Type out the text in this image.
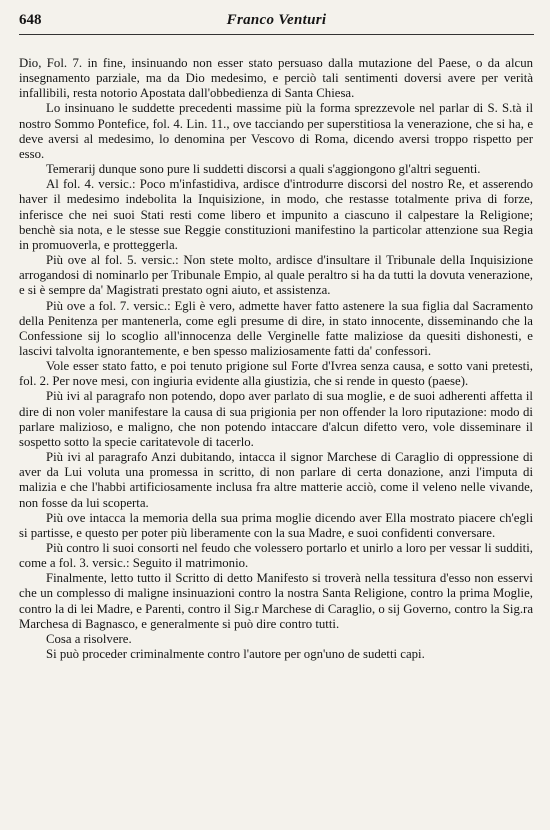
648	Franco Venturi

Dio, Fol. 7. in fine, insinuando non esser stato persuaso dalla mutazione del Paese, o da alcun insegnamento parziale, ma da Dio medesimo, e perciò tali sentimenti doversi avere per verità infallibili, resta notorio Apostata dall'obbedienza di Santa Chiesa.

Lo insinuano le suddette precedenti massime più la forma sprezzevole nel parlar di S. S.tà il nostro Sommo Pontefice, fol. 4. Lin. 11., ove tacciando per superstitiosa la venerazione, che si ha, e deve aversi al medesimo, lo denomina per Vescovo di Roma, dicendo aversi troppo rispetto per esso.

Temerarij dunque sono pure li suddetti discorsi a quali s'aggiongono gl'altri seguenti.

Al fol. 4. versic.: Poco m'infastidiva, ardisce d'introdurre discorsi del nostro Re, et asserendo haver il medesimo indebolita la Inquisizione, in modo, che restasse totalmente priva di forze, inferisce che nei suoi Stati resti come libero et impunito a ciascuno il calpestare la Religione; benchè sia nota, e le stesse sue Reggie constituzioni manifestino la particolar attenzione sua Regia in promuoverla, e protteggerla.

Più ove al fol. 5. versic.: Non stete molto, ardisce d'insultare il Tribunale della Inquisizione arrogandosi di nominarlo per Tribunale Empio, al quale peraltro si ha da tutti la dovuta venerazione, e si è sempre da' Magistrati prestato ogni aiuto, et assistenza.

Più ove a fol. 7. versic.: Egli è vero, admette haver fatto astenere la sua figlia dal Sacramento della Penitenza per mantenerla, come egli presume di dire, in stato innocente, disseminando che la Confessione sij lo scoglio all'innocenza delle Verginelle fatte maliziose da quesiti dishonesti, e lascivi talvolta ignorantemente, e ben spesso maliziosamente fatti da' confessori.

Vole esser stato fatto, e poi tenuto prigione sul Forte d'Ivrea senza causa, e sotto vani pretesti, fol. 2. Per nove mesi, con ingiuria evidente alla giustizia, che si rende in questo (paese).

Più ivi al paragrafo non potendo, dopo aver parlato di sua moglie, e de suoi adherenti affetta il dire di non voler manifestare la causa di sua prigionia per non offender la loro riputazione: modo di parlare malizioso, e maligno, che non potendo intaccare d'alcun difetto vero, vole disseminare il sospetto sotto la specie caritatevole di tacerlo.

Più ivi al paragrafo Anzi dubitando, intacca il signor Marchese di Caraglio di oppressione di aver da Lui voluta una promessa in scritto, di non parlare di certa donazione, anzi l'imputa di malizia e che l'habbi artificiosamente inclusa fra altre matterie acciò, come il veleno nelle vivande, non fosse da lui scoperta.

Più ove intacca la memoria della sua prima moglie dicendo aver Ella mostrato piacere ch'egli si partisse, e questo per poter più liberamente con la sua Madre, e suoi confidenti conversare.

Più contro li suoi consorti nel feudo che volessero portarlo et unirlo a loro per vessar li sudditi, come a fol. 3. versic.: Seguito il matrimonio.

Finalmente, letto tutto il Scritto di detto Manifesto si troverà nella tessitura d'esso non esservi che un complesso di maligne insinuazioni contro la nostra Santa Religione, contro la prima Moglie, contro la di lei Madre, e Parenti, contro il Sig.r Marchese di Caraglio, o sij Governo, contro la Sig.ra Marchesa di Bagnasco, e generalmente si può dire contro tutti.

Cosa a risolvere.

Si può proceder criminalmente contro l'autore per ogn'uno de sudetti capi.
